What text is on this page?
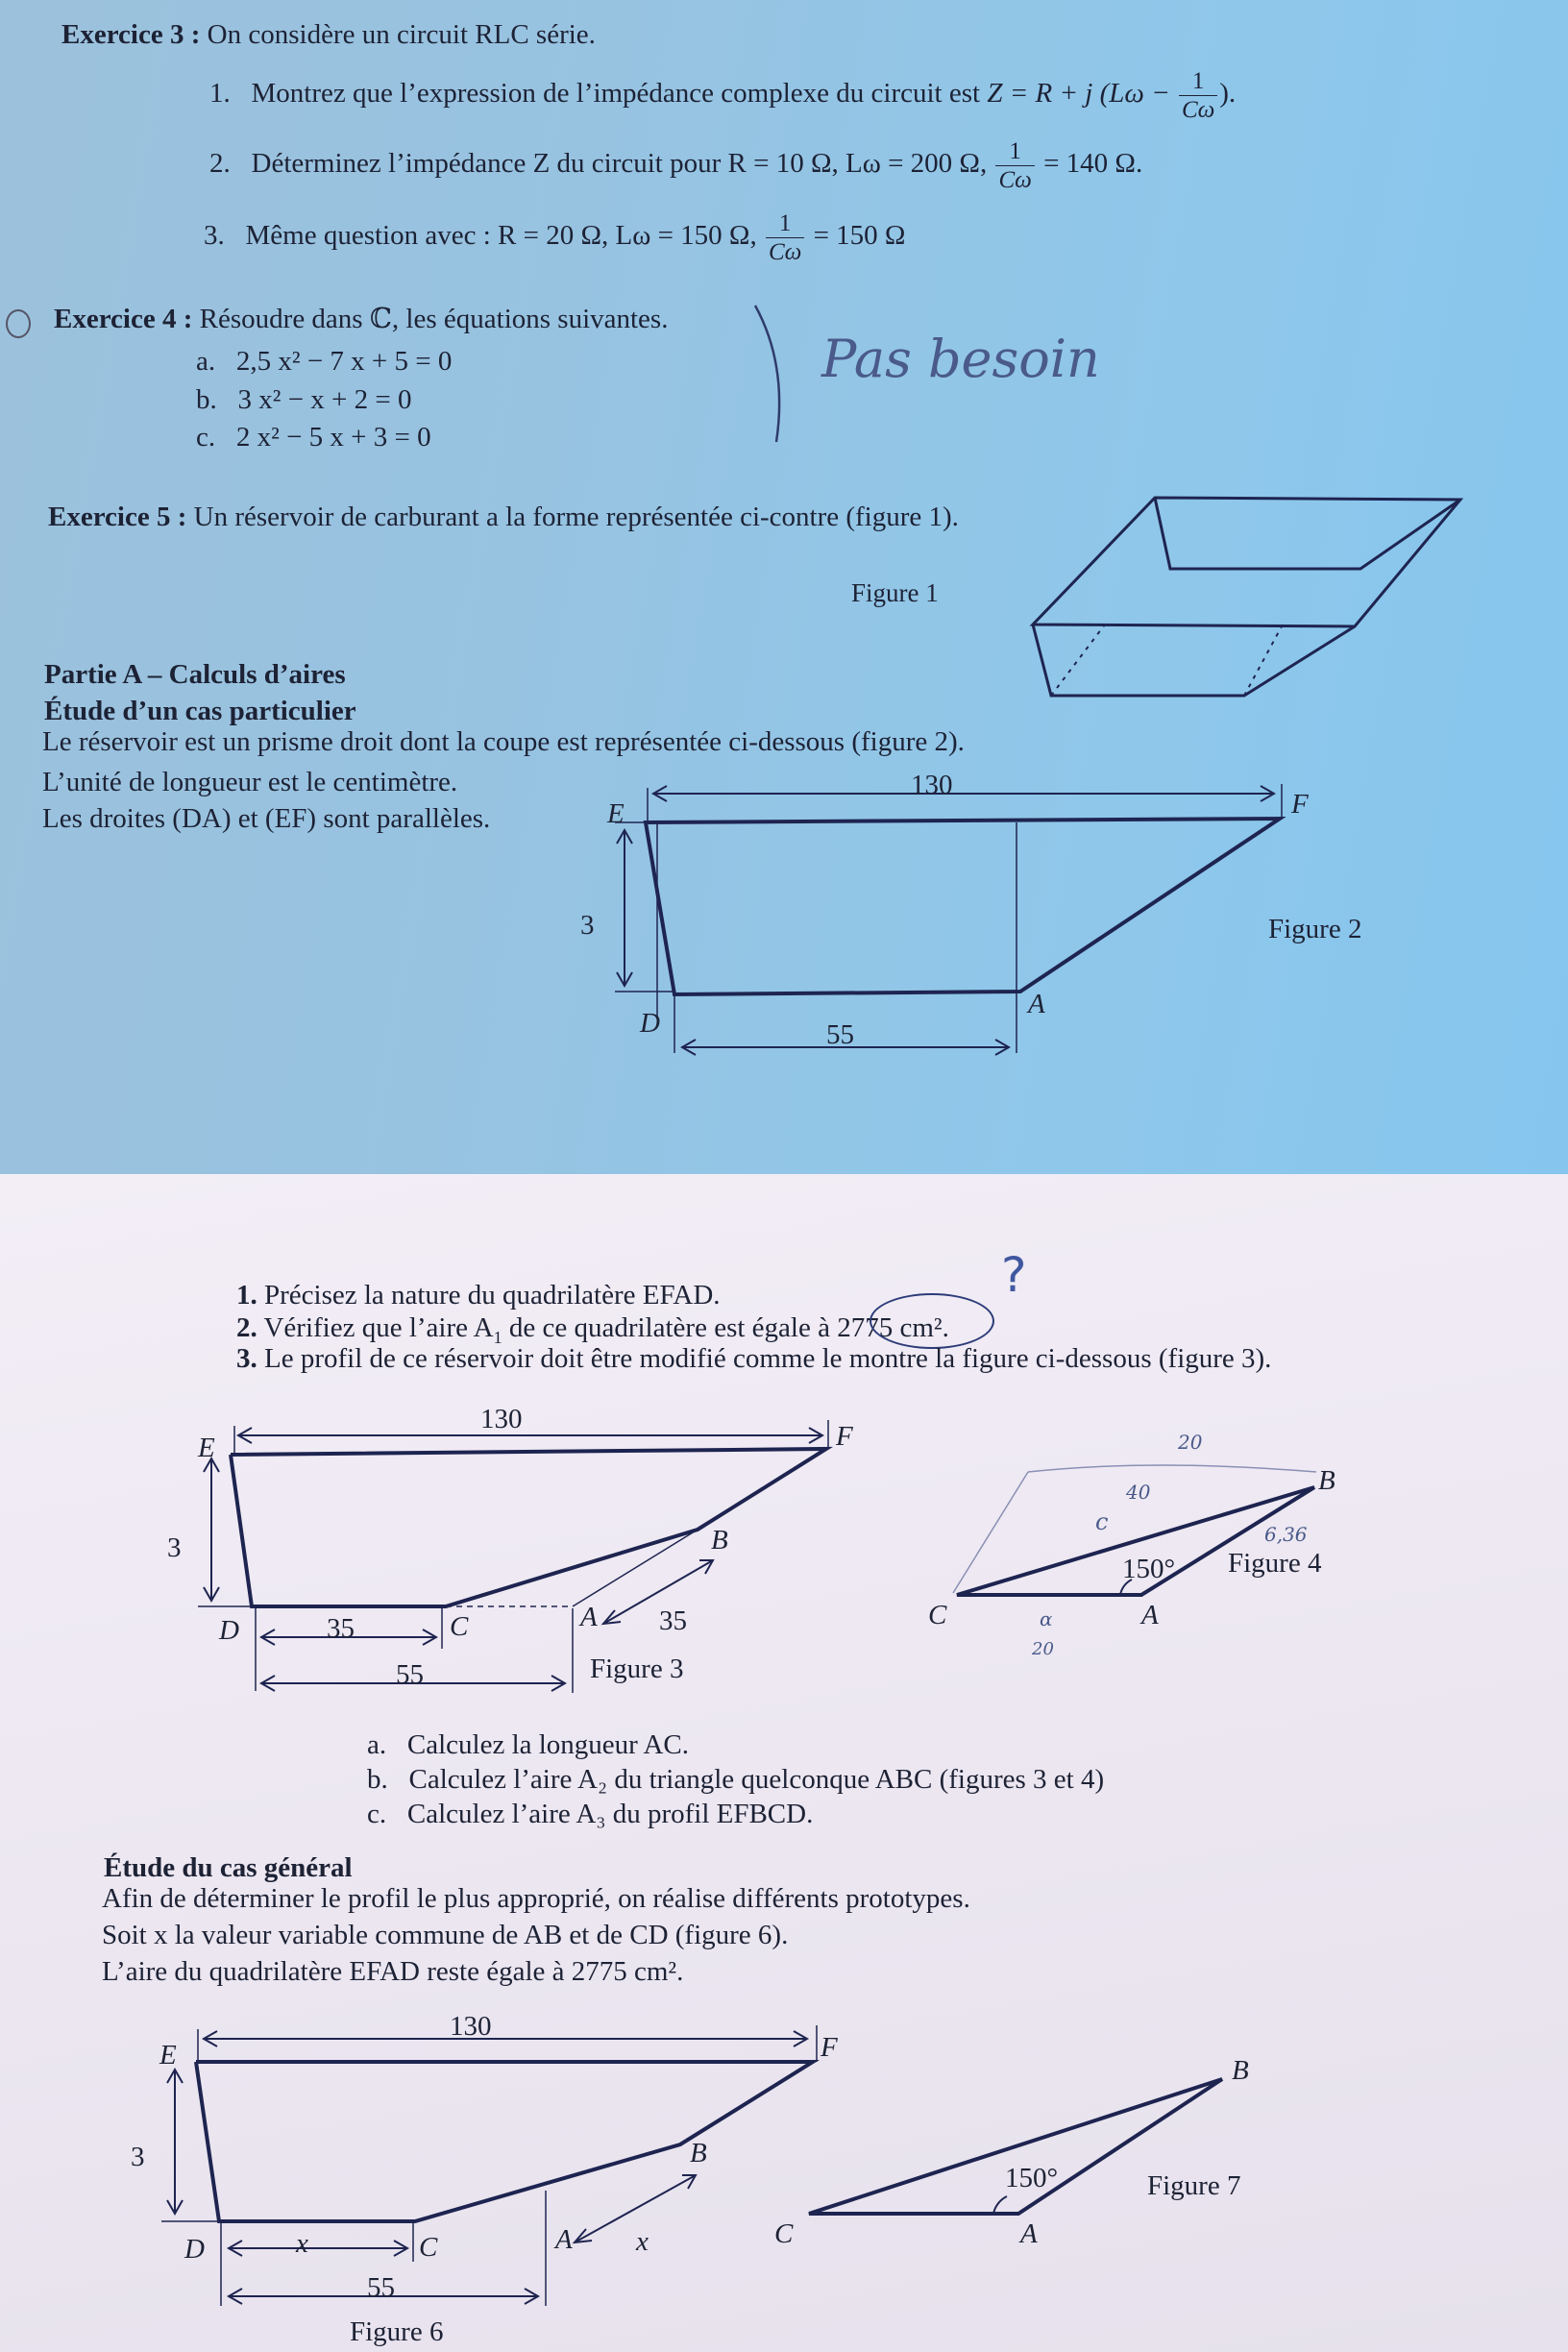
Exercice 3 : On considère un circuit RLC série.
1. Montrez que l’expression de l’impédance complexe du circuit est Z = R + j ($L\omega - \frac{1}{C\omega}$ ).
2. Déterminez l’impédance Z du circuit pour R = 10 Ω, Lω = 200 Ω, $\frac{1}{C\omega} = 140$ Ω.
3. Même question avec : R = 20 Ω, Lω = 150 Ω, $\frac{1}{C\omega} = 150$ Ω
Exercice 4 : Résoudre dans ℂ, les équations suivantes.
a. 2,5 x² − 7 x + 5 = 0
b. 3 x² − x + 2 = 0
c. 2 x² − 5 x + 3 = 0
Pas besoin
Exercice 5 : Un réservoir de carburant a la forme représentée ci-contre (figure 1).
Figure 1
Partie A – Calculs d’aires
Étude d’un cas particulier
Le réservoir est un prisme droit dont la coupe est représentée ci-dessous (figure 2).
L’unité de longueur est le centimètre.
Les droites (DA) et (EF) sont parallèles.
130
3
55
E	F
D
A
Figure 2
1. Précisez la nature du quadrilatère EFAD.
2. Vérifiez que l’aire $A_1$ de ce quadrilatère est égale à 2775 cm².
?
3. Le profil de ce réservoir doit être modifié comme le montre la figure ci-dessous (figure 3).
130
3
35	35
55
E	F
D	C	A
B
Figure 3
150°
C	A
B
Figure 4
20
40
c	6,36
α
20
a. Calculez la longueur AC.
b. Calculez l’aire A₂ du triangle quelconque ABC (figures 3 et 4)
c. Calculez l’aire A₃ du profil EFBCD.
Étude du cas général
Afin de déterminer le profil le plus approprié, on réalise différents prototypes.
Soit x la valeur variable commune de AB et de CD (figure 6).
L’aire du quadrilatère EFAD reste égale à 2775 cm².
130
3
x	x
55
E	F
D	C	A
B
Figure 6
150°
C	A
B
Figure 7
